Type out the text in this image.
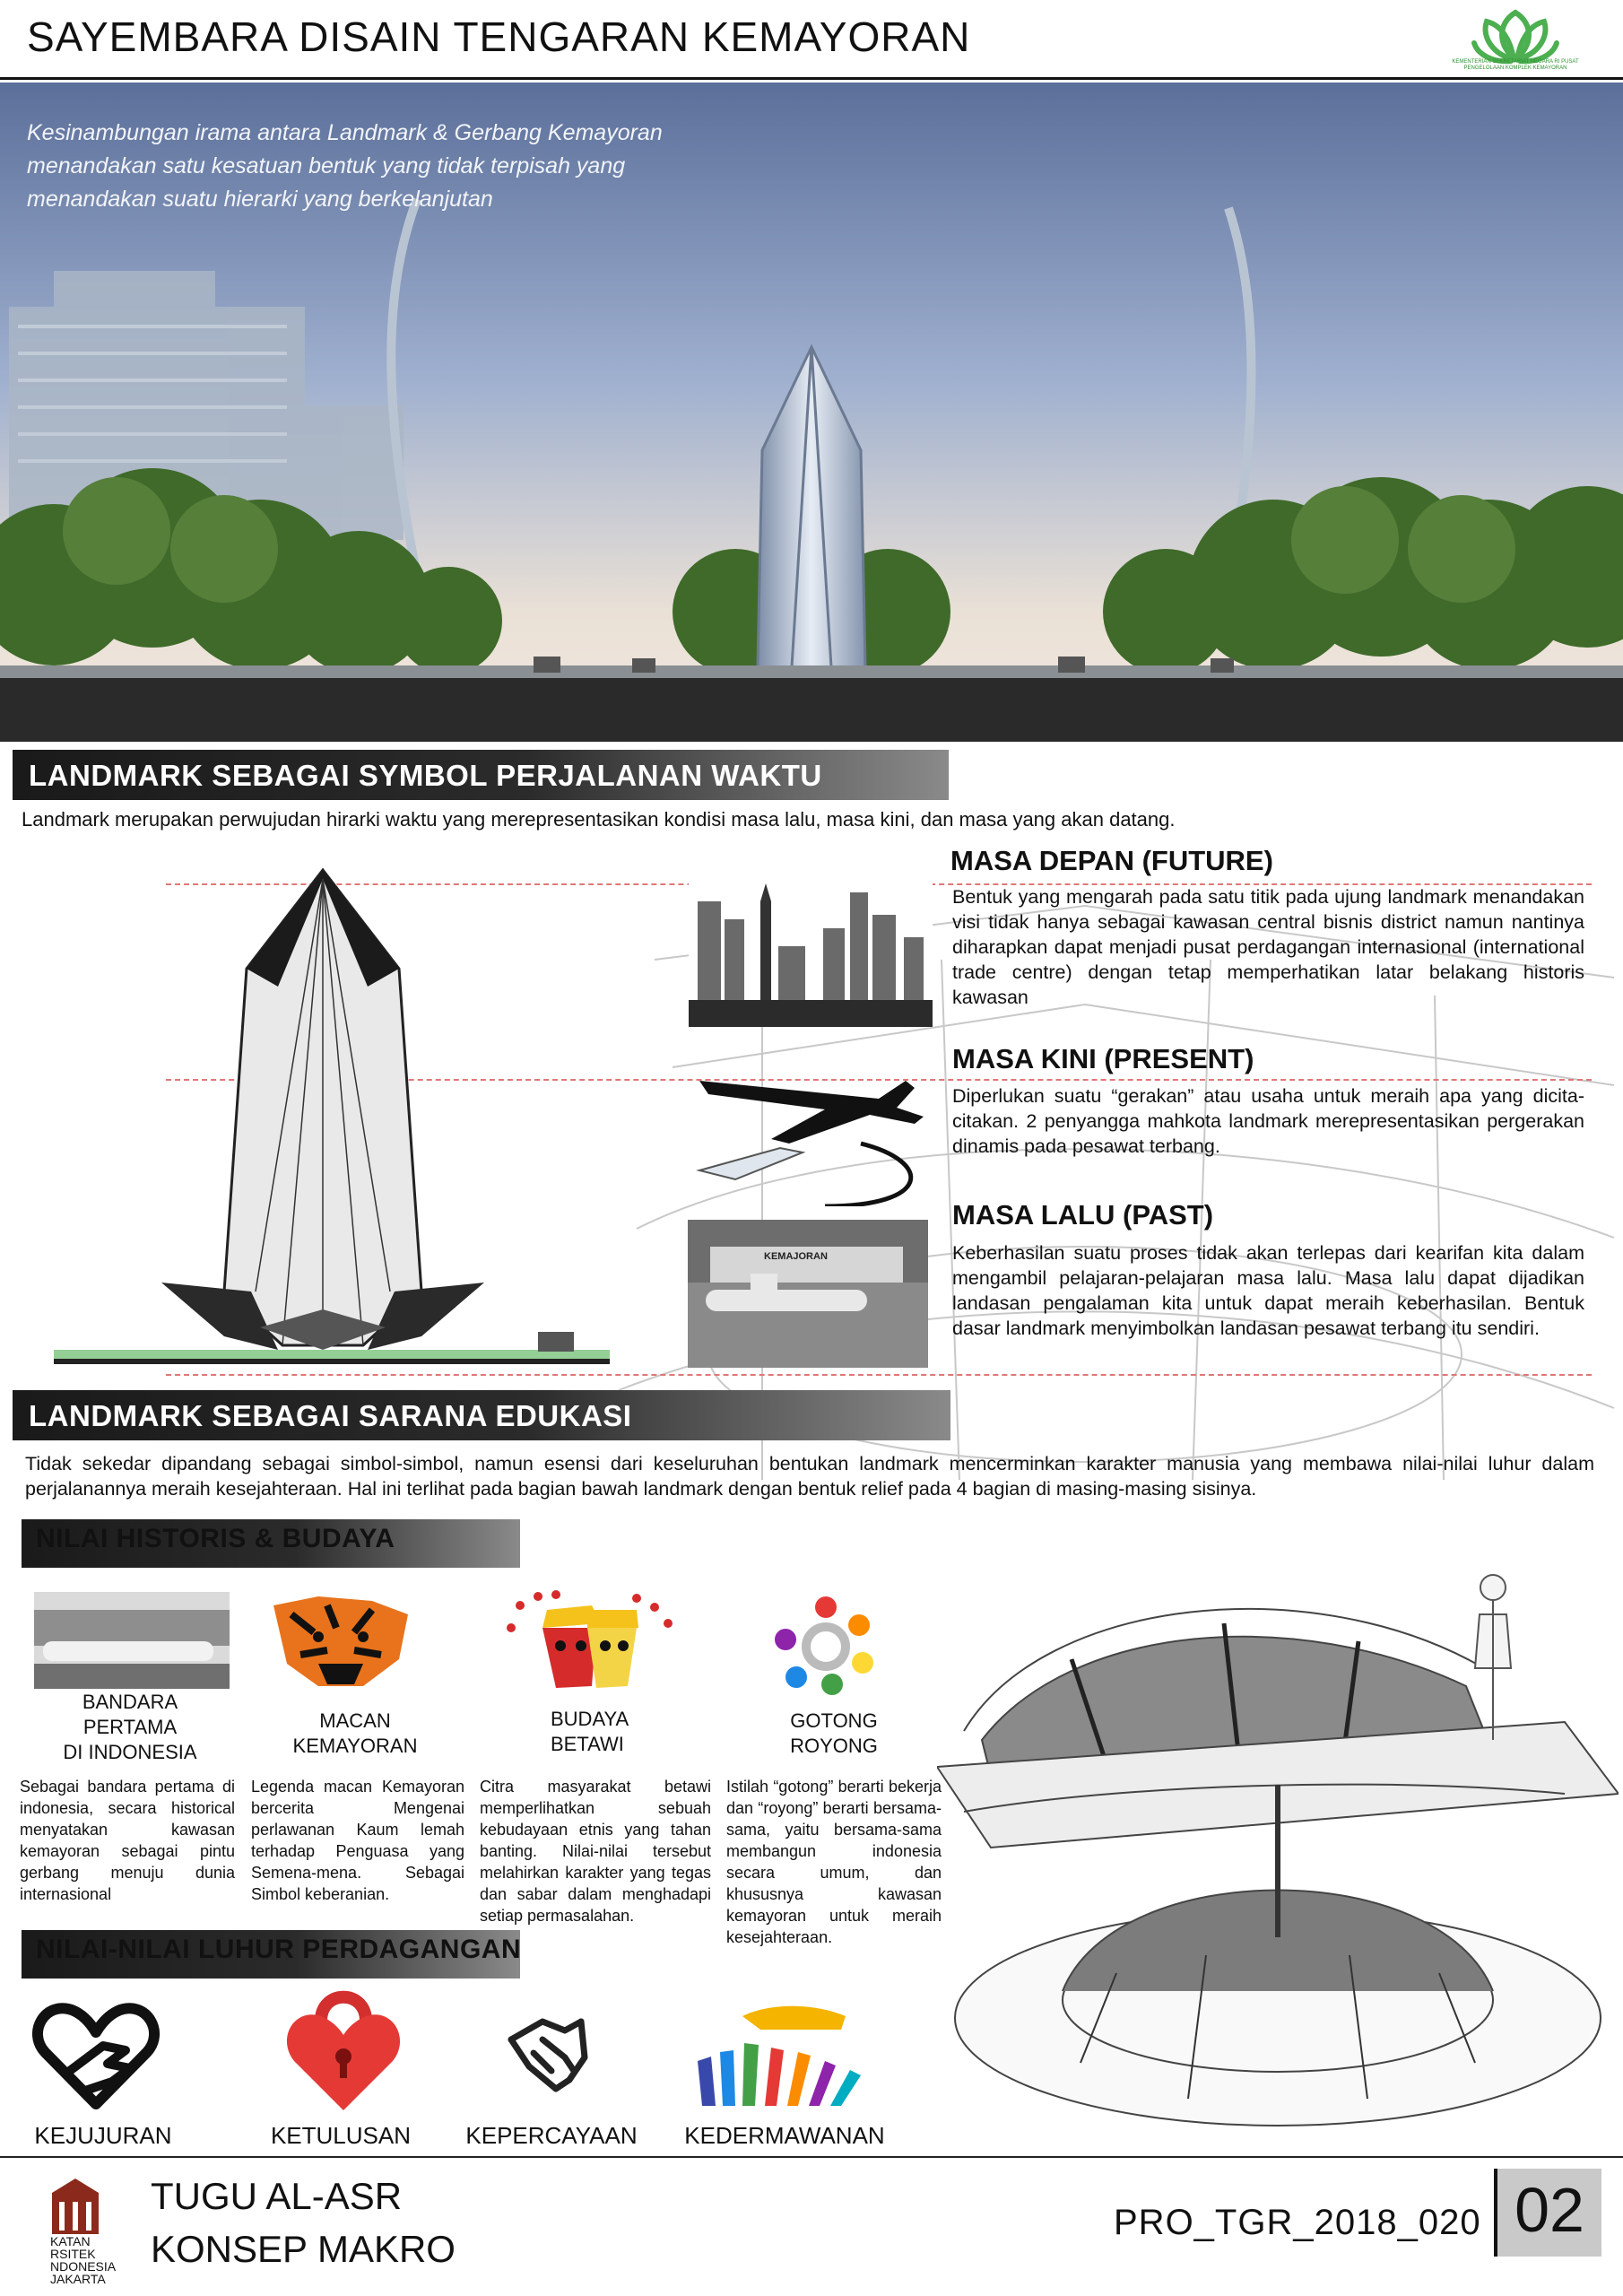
SAYEMBARA DISAIN TENGARAN KEMAYORAN
KEMENTERIAN SEKRETARIAT NEGARA RI PUSAT PENGELOLAAN KOMPLEK KEMAYORAN
Kesinambungan irama antara Landmark & Gerbang Kemayoran
menandakan satu kesatuan bentuk yang tidak terpisah yang
menandakan suatu hierarki yang berkelanjutan
LANDMARK SEBAGAI SYMBOL PERJALANAN WAKTU
Landmark merupakan perwujudan hirarki waktu yang merepresentasikan kondisi masa lalu, masa kini, dan masa yang akan datang.
MASA DEPAN (FUTURE)
Bentuk yang mengarah pada satu titik pada ujung landmark menandakan visi tidak hanya sebagai kawasan central bisnis district namun nantinya diharapkan dapat menjadi pusat perdagangan internasional (international trade centre) dengan tetap memperhatikan latar belakang historis kawasan
MASA KINI (PRESENT)
Diperlukan suatu “gerakan” atau usaha untuk meraih apa yang dicita-citakan. 2 penyangga mahkota landmark merepresentasikan pergerakan dinamis pada pesawat terbang.
KEMAJORAN
MASA LALU (PAST)
Keberhasilan suatu proses tidak akan terlepas dari kearifan kita dalam mengambil pelajaran-pelajaran masa lalu. Masa lalu dapat dijadikan landasan pengalaman kita untuk dapat meraih keberhasilan. Bentuk dasar landmark menyimbolkan landasan pesawat terbang itu sendiri.
LANDMARK SEBAGAI SARANA EDUKASI
Tidak sekedar dipandang sebagai simbol-simbol, namun esensi dari keseluruhan bentukan landmark mencerminkan karakter manusia yang membawa nilai-nilai luhur dalam perjalanannya meraih kesejahteraan. Hal ini terlihat pada bagian bawah landmark dengan bentuk relief pada 4 bagian di masing-masing sisinya.
NILAI HISTORIS & BUDAYA
BANDARA
PERTAMA
DI INDONESIA
MACAN
KEMAYORAN
BUDAYA
BETAWI
GOTONG
ROYONG
Sebagai bandara pertama di indonesia, secara historical menyatakan kawasan kemayoran sebagai pintu gerbang menuju dunia internasional
Legenda macan Kemayoran bercerita Mengenai perlawanan Kaum lemah terhadap Penguasa yang Semena-mena. Sebagai Simbol keberanian.
Citra masyarakat betawi memperlihatkan sebuah kebudayaan etnis yang tahan banting. Nilai-nilai tersebut melahirkan karakter yang tegas dan sabar dalam menghadapi setiap permasalahan.
Istilah “gotong” berarti bekerja dan “royong” berarti bersama-sama, yaitu bersama-sama membangun indonesia secara umum, dan khususnya kawasan kemayoran untuk meraih kesejahteraan.
NILAI-NILAI LUHUR PERDAGANGAN
KEJUJURAN	KETULUSAN	KEPERCAYAAN	KEDERMAWANAN
KATAN
RSITEK
NDONESIA
JAKARTA
TUGU AL-ASR
KONSEP MAKRO
PRO_TGR_2018_020 02
